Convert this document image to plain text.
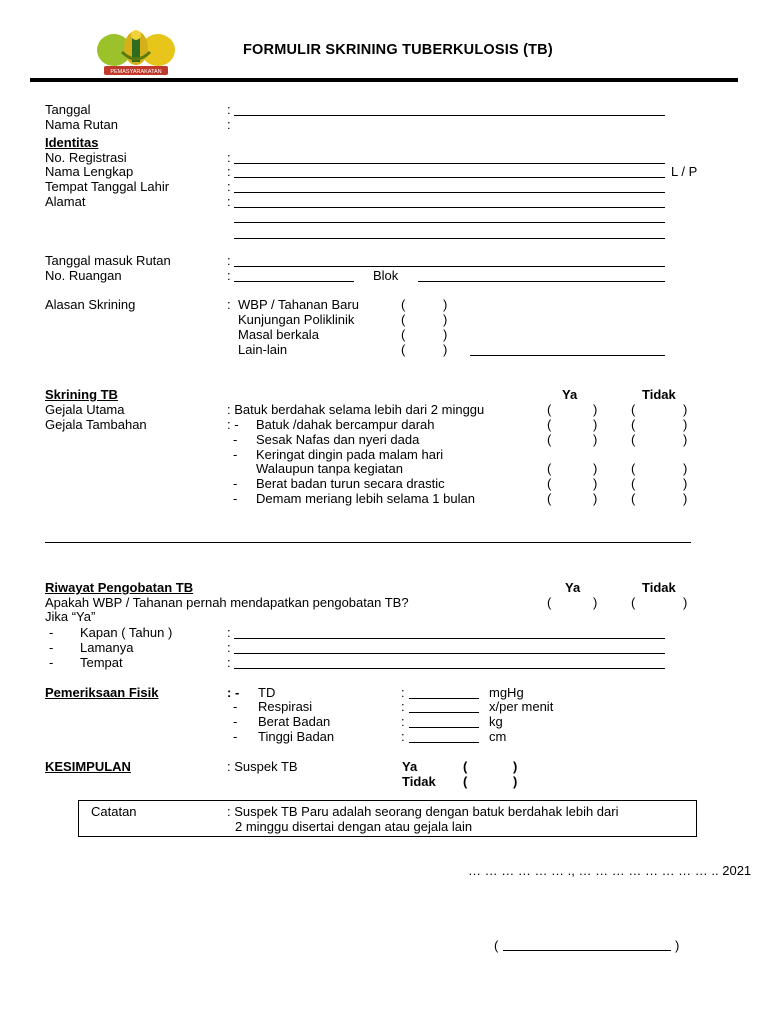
PEMASYARAKATAN
FORMULIR SKRINING TUBERKULOSIS (TB)
Tanggal	:
Nama Rutan	:
Identitas
No. Registrasi	:
Nama Lengkap	:	L / P
Tempat Tanggal Lahir	:
Alamat	:
Tanggal masuk Rutan	:
No. Ruangan	:	Blok
Alasan Skrining	: WBP / Tahanan Baru	(	)
Kunjungan Poliklinik	(	)
Masal berkala	(	)
Lain-lain	(	)
Skrining TB	Ya	Tidak
Gejala Utama	: Batuk berdahak selama lebih dari 2 minggu	(	)	(	)
Gejala Tambahan	: - Batuk /dahak bercampur darah	(	)	(	)
- Sesak Nafas dan nyeri dada	(	)	(	)
- Keringat dingin pada malam hari
Walaupun tanpa kegiatan	(	)	(	)
- Berat badan turun secara drastic	(	)	(	)
- Demam meriang lebih selama 1 bulan	(	)	(	)
Riwayat Pengobatan TB	Ya	Tidak
Apakah WBP / Tahanan pernah mendapatkan pengobatan TB?	(	)	(	)
Jika “Ya”
- Kapan ( Tahun )	:
- Lamanya	:
- Tempat	:
Pemeriksaan Fisik	: - TD	:	mgHg
- Respirasi	:	x/per menit
- Berat Badan	:	kg
- Tinggi Badan	:	cm
KESIMPULAN	: Suspek TB	Ya	(	)
Tidak (	)
Catatan	: Suspek TB Paru adalah seorang dengan batuk berdahak lebih dari
2 minggu disertai dengan atau gejala lain
… … … … … … ., … … … … … … … … .. 2021
(	)
